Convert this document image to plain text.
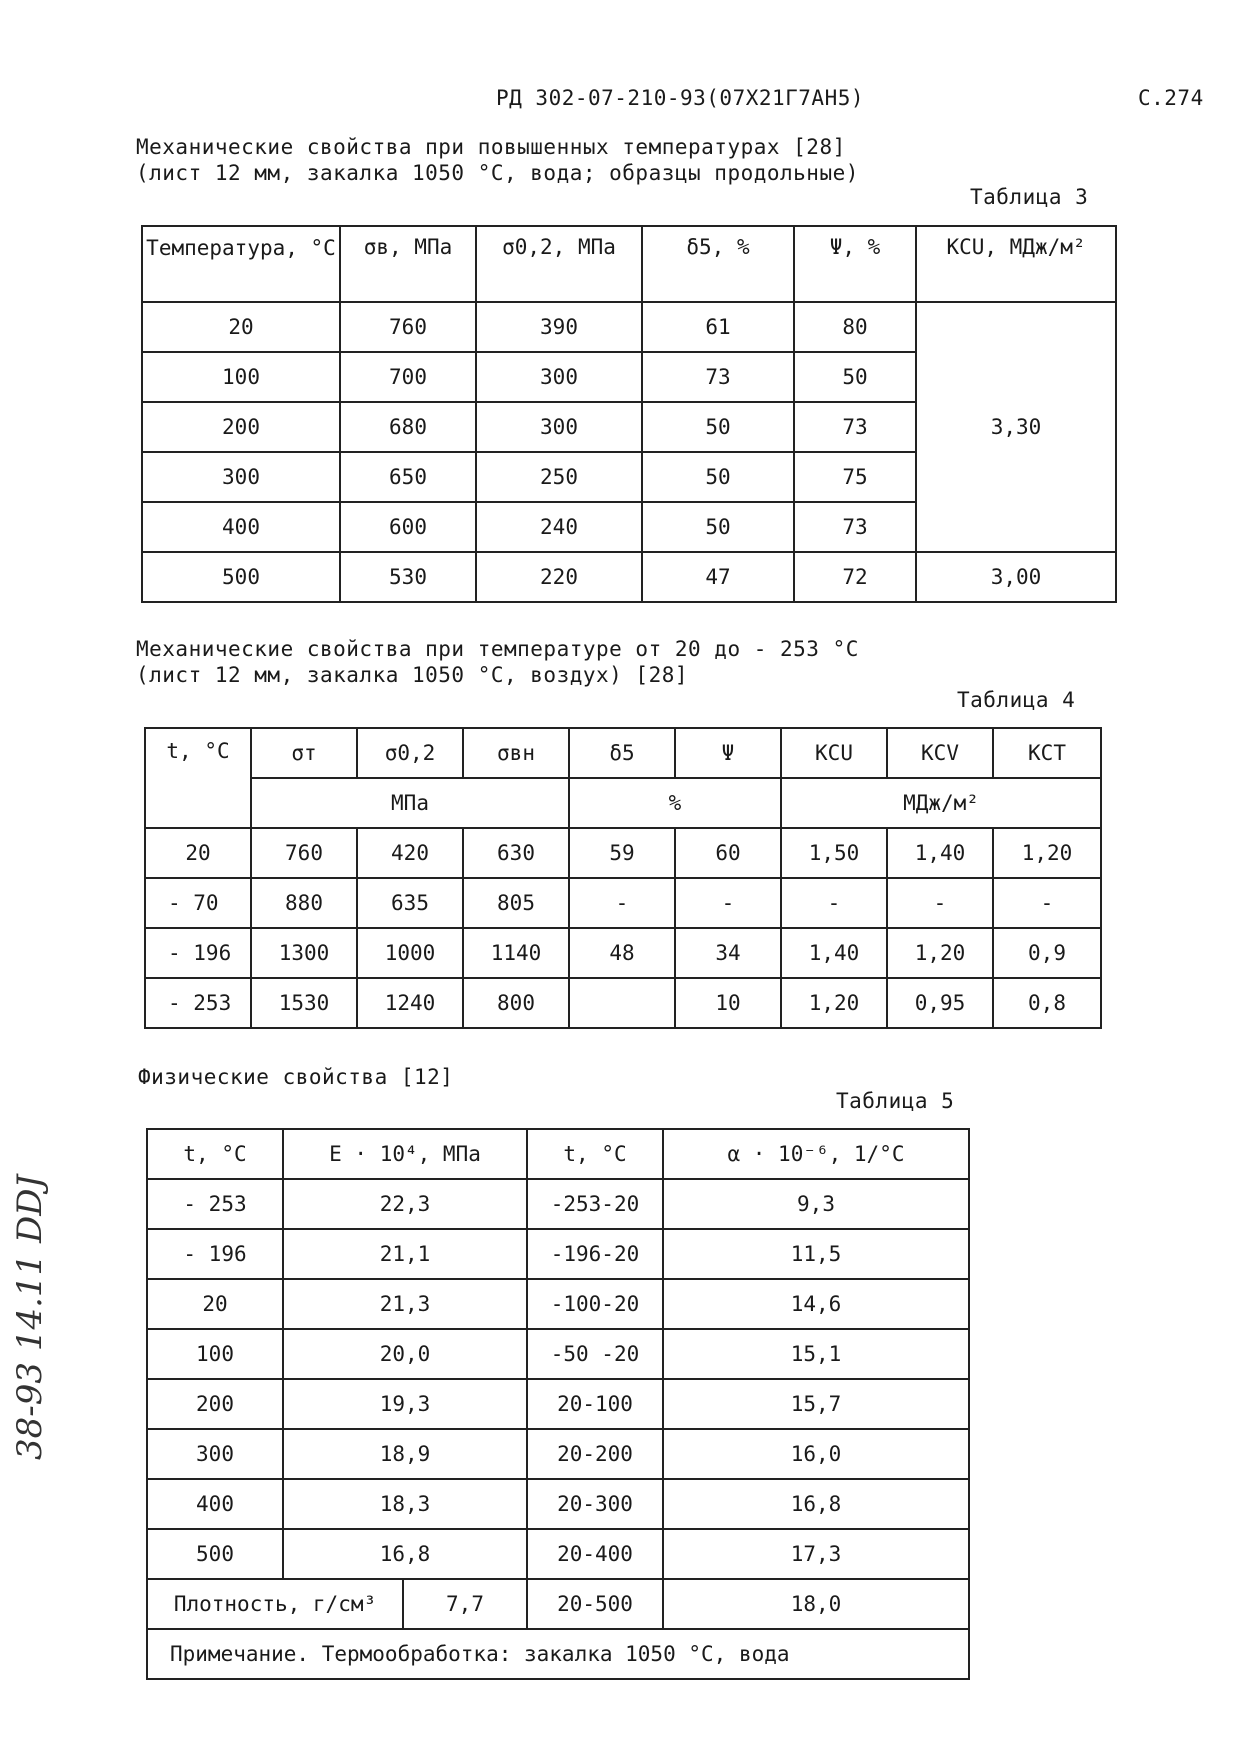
РД 302-07-210-93(07Х21Г7АН5)	С.274
Механические свойства при повышенных температурах [28]
(лист 12 мм, закалка 1050 °С, вода; образцы продольные)
Таблица 3
Температура, °С	σв, МПа	σ0,2, МПа	δ5, %	Ψ, %	КСU, МДж/м²
20	760	390	61	80	3,30
100	700	300	73	50	
200	680	300	50	73	
300	650	250	50	75	
400	600	240	50	73	
500	530	220	47	72	3,00
Механические свойства при температуре от 20 до - 253 °С
(лист 12 мм, закалка 1050 °С, воздух) [28]
Таблица 4
t, °С	σт	σ0,2	σвн	δ5	Ψ	КСU	КСV	КСТ
	МПа			%		МДж/м²		
20	760	420	630	59	60	1,50	1,40	1,20
- 70	880	635	805	-	-	-	-	-
- 196	1300	1000	1140	48	34	1,40	1,20	0,9
- 253	1530	1240	800		10	1,20	0,95	0,8
Физические свойства [12]
Таблица 5
t, °С	Е · 10⁴, МПа		t, °С	α · 10⁻⁶, 1/°С
- 253	22,3		-253-20	9,3
- 196	21,1		-196-20	11,5
20	21,3		-100-20	14,6
100	20,0		-50 -20	15,1
200	19,3		20-100	15,7
300	18,9		20-200	16,0
400	18,3		20-300	16,8
500	16,8		20-400	17,3
Плотность, г/см³		7,7	20-500	18,0
Примечание. Термообработка: закалка 1050 °С, вода				
38-93 14.11 DDJ
